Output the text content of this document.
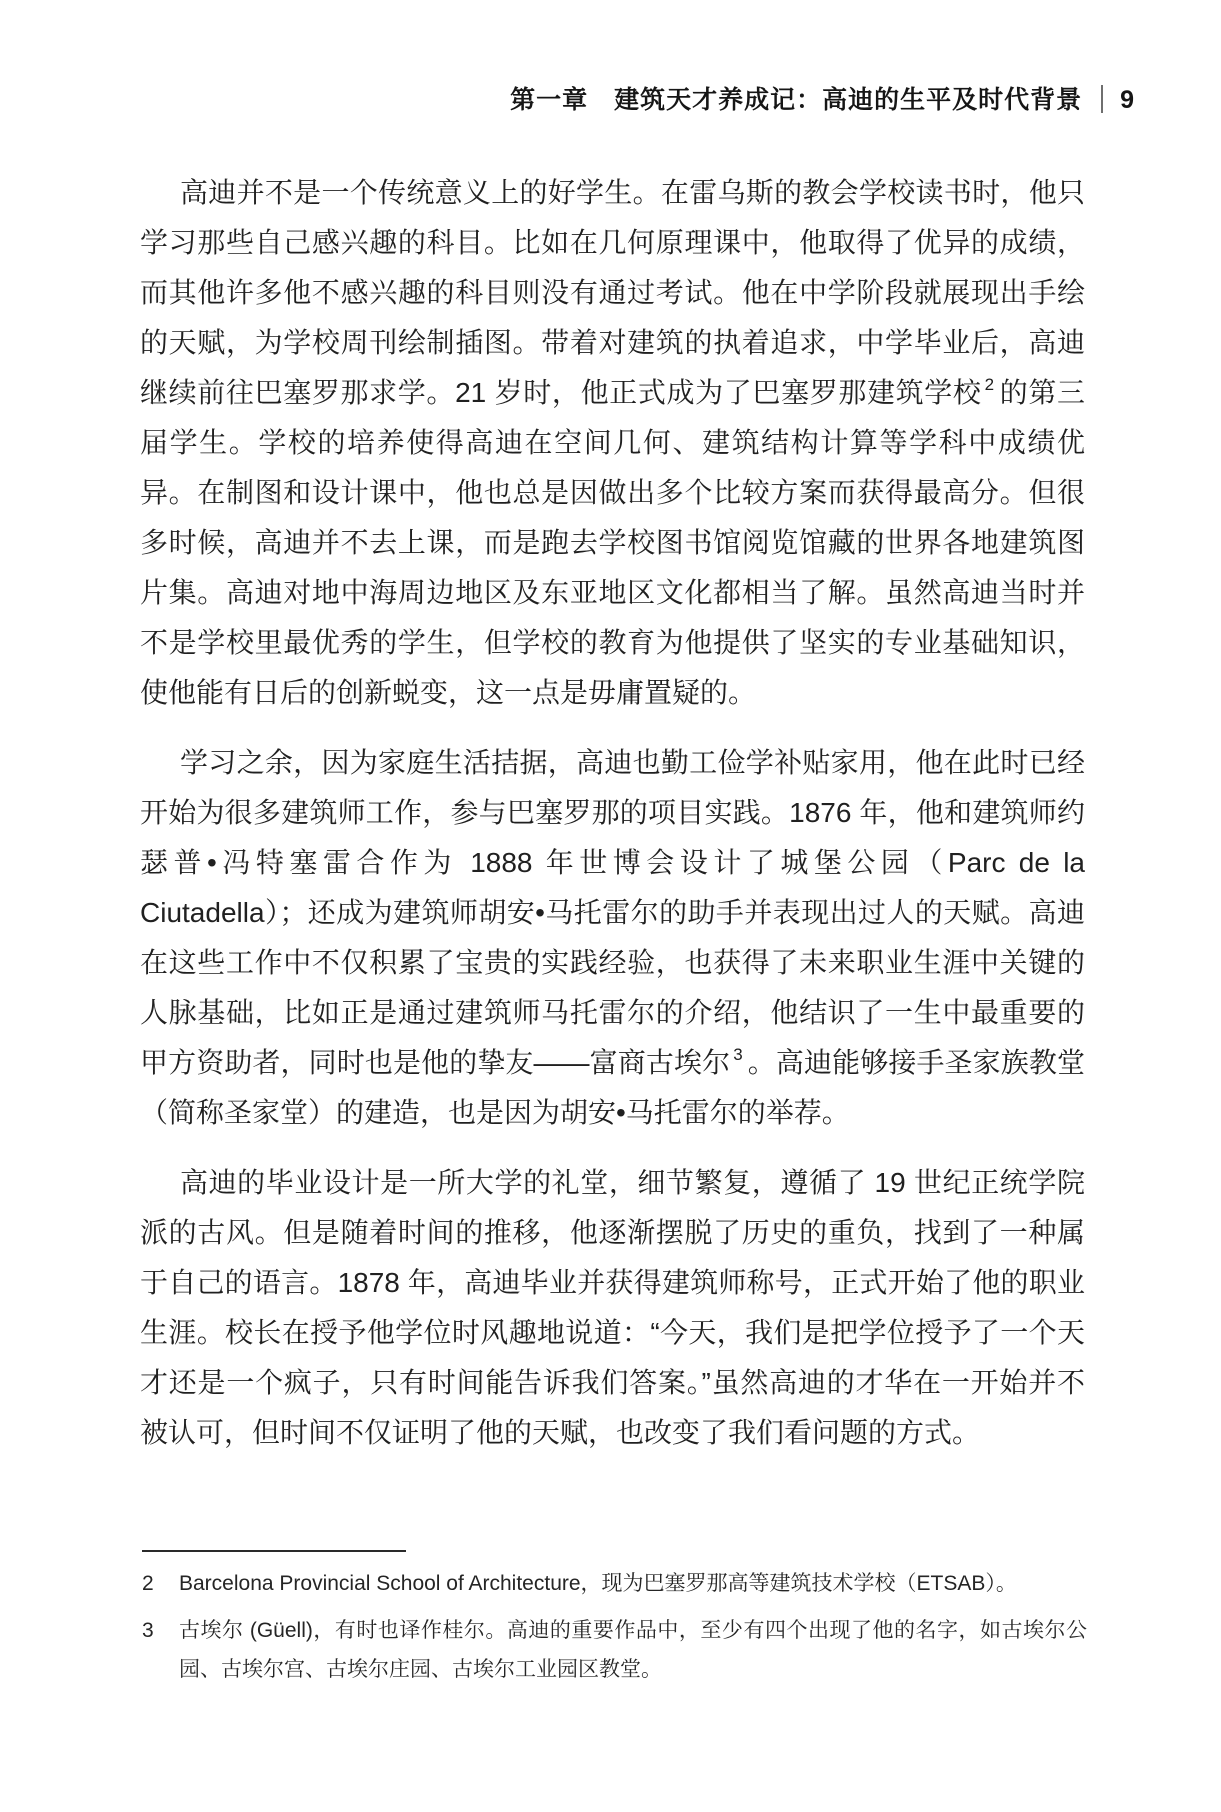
第一章 建筑天才养成记：高迪的生平及时代背景 9

高迪并不是一个传统意义上的好学生。在雷乌斯的教会学校读书时，他只学习那些自己感兴趣的科目。比如在几何原理课中，他取得了优异的成绩，而其他许多他不感兴趣的科目则没有通过考试。他在中学阶段就展现出手绘的天赋，为学校周刊绘制插图。带着对建筑的执着追求，中学毕业后，高迪继续前往巴塞罗那求学。21 岁时，他正式成为了巴塞罗那建筑学校 $^2$ 的第三届学生。学校的培养使得高迪在空间几何、建筑结构计算等学科中成绩优异。在制图和设计课中，他也总是因做出多个比较方案而获得最高分。但很多时候，高迪并不去上课，而是跑去学校图书馆阅览馆藏的世界各地建筑图片集。高迪对地中海周边地区及东亚地区文化都相当了解。虽然高迪当时并不是学校里最优秀的学生，但学校的教育为他提供了坚实的专业基础知识，使他能有日后的创新蜕变，这一点是毋庸置疑的。

学习之余，因为家庭生活拮据，高迪也勤工俭学补贴家用，他在此时已经开始为很多建筑师工作，参与巴塞罗那的项目实践。1876 年，他和建筑师约瑟普•冯特塞雷合作为 1888 年世博会设计了城堡公园（Parc de la Ciutadella）；还成为建筑师胡安•马托雷尔的助手并表现出过人的天赋。高迪在这些工作中不仅积累了宝贵的实践经验，也获得了未来职业生涯中关键的人脉基础，比如正是通过建筑师马托雷尔的介绍，他结识了一生中最重要的甲方资助者，同时也是他的挚友——富商古埃尔 $^3$ 。高迪能够接手圣家族教堂（简称圣家堂）的建造，也是因为胡安•马托雷尔的举荐。

高迪的毕业设计是一所大学的礼堂，细节繁复，遵循了 19 世纪正统学院派的古风。但是随着时间的推移，他逐渐摆脱了历史的重负，找到了一种属于自己的语言。1878 年，高迪毕业并获得建筑师称号，正式开始了他的职业生涯。校长在授予他学位时风趣地说道：“今天，我们是把学位授予了一个天才还是一个疯子，只有时间能告诉我们答案。”虽然高迪的才华在一开始并不被认可，但时间不仅证明了他的天赋，也改变了我们看问题的方式。

2	Barcelona Provincial School of Architecture，现为巴塞罗那高等建筑技术学校（ETSAB）。
3	古埃尔 (Güell)，有时也译作桂尔。高迪的重要作品中，至少有四个出现了他的名字，如古埃尔公园、古埃尔宫、古埃尔庄园、古埃尔工业园区教堂。
